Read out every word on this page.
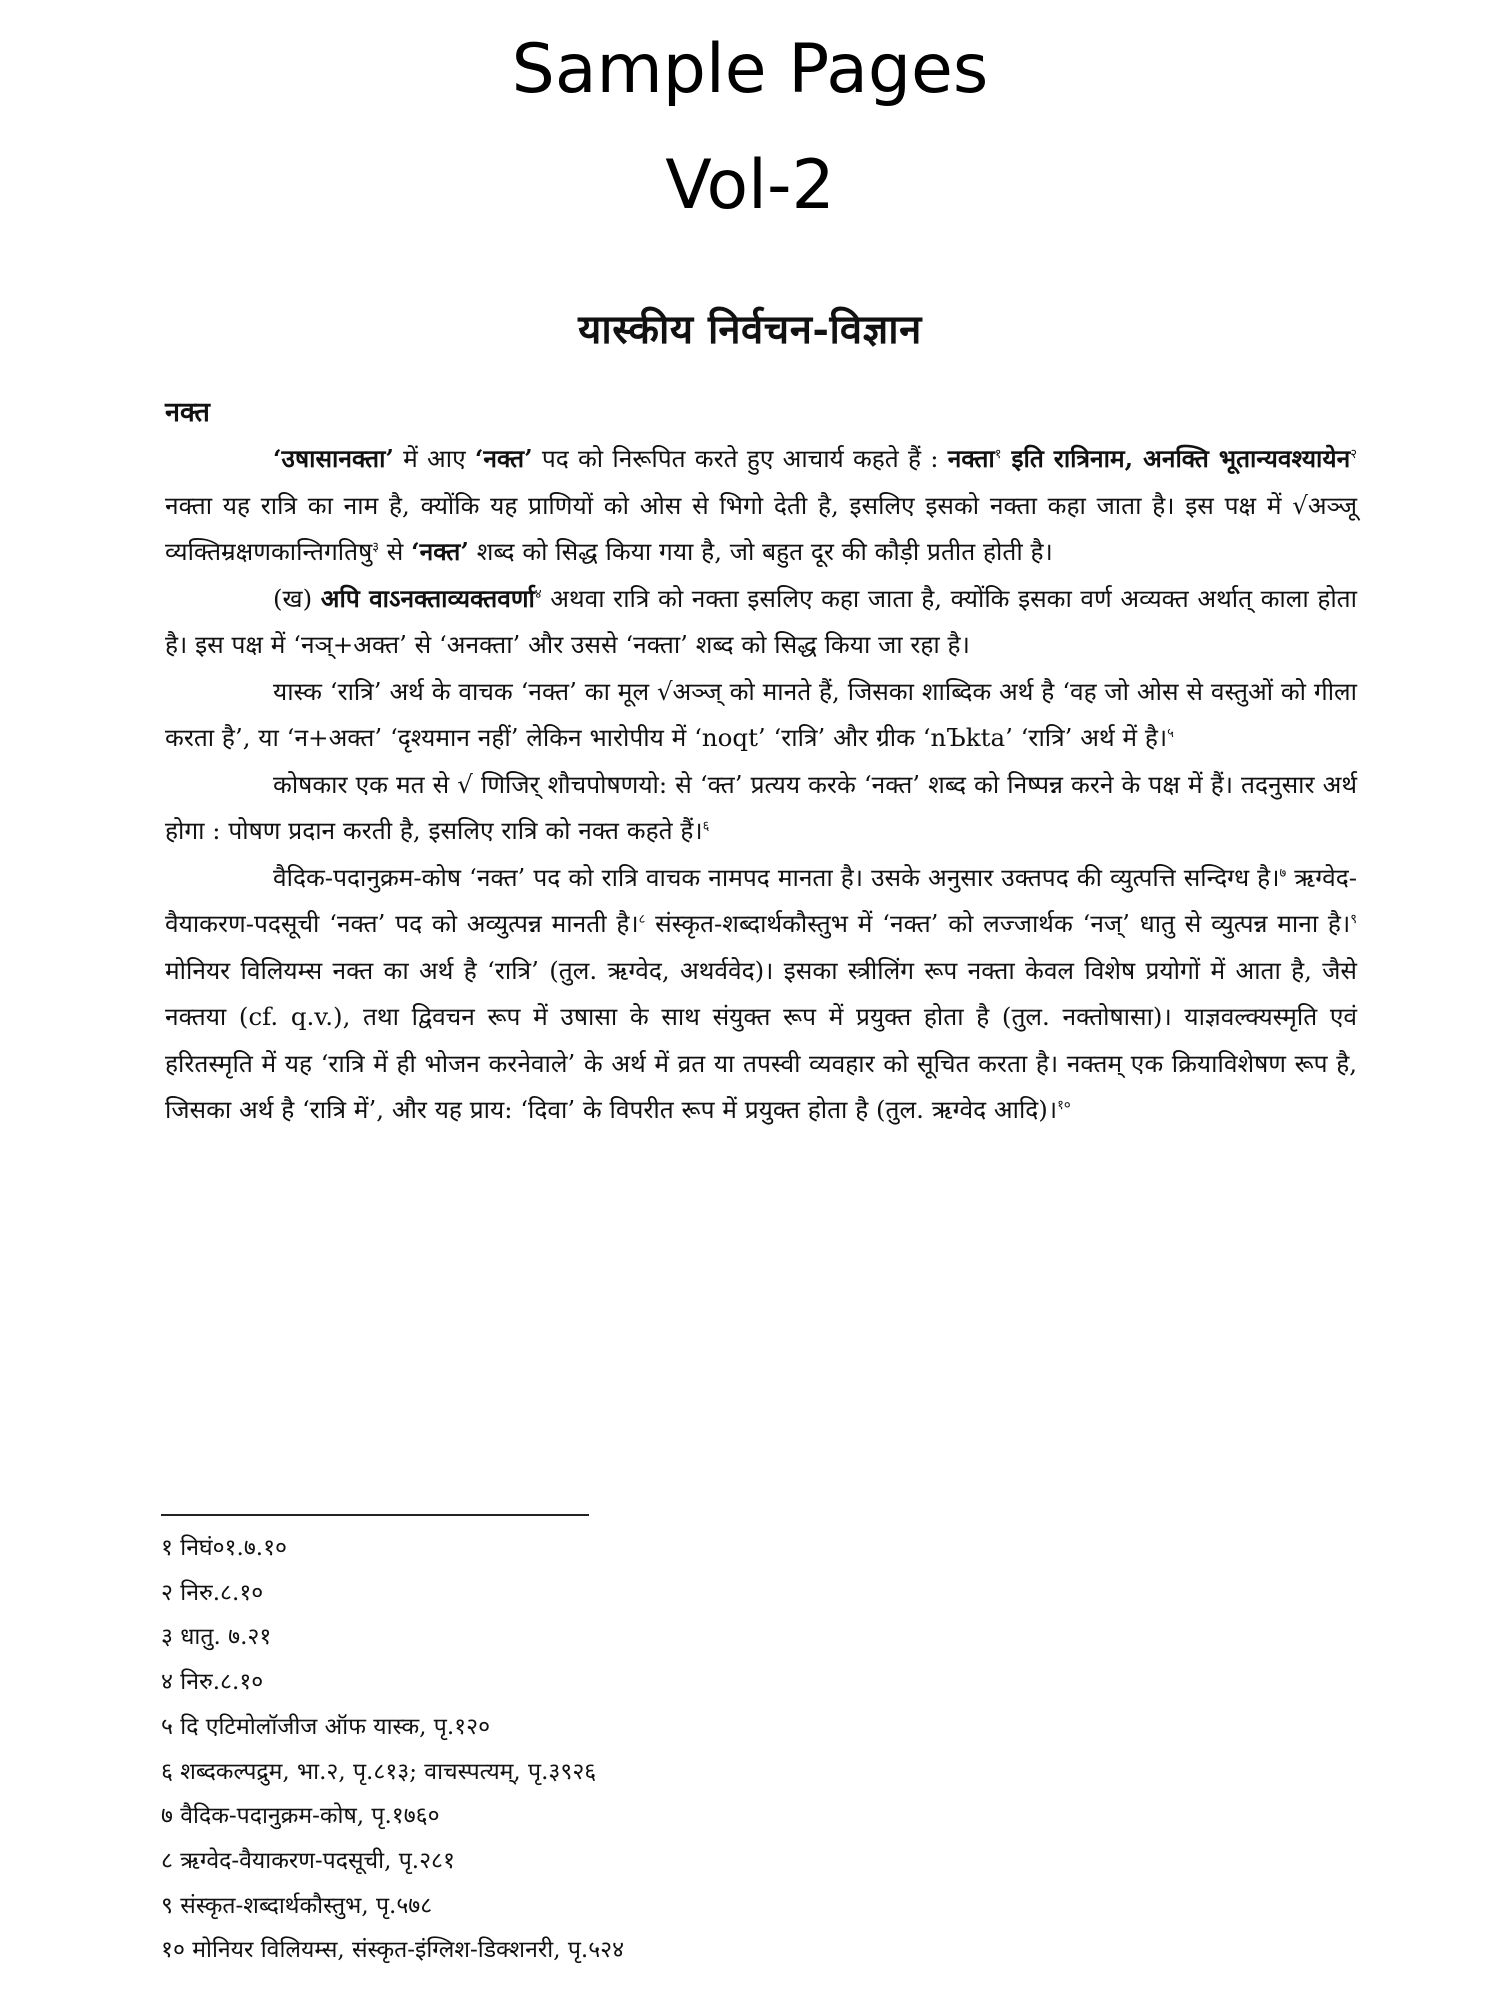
Sample Pages
Vol-2
यास्कीय निर्वचन-विज्ञान
नक्त

‘उषासानक्ता’ में आए ‘नक्त’ पद को निरूपित करते हुए आचार्य कहते हैं : नक्ता$^१$ इति रात्रिनाम, अनक्ति भूतान्यवश्यायेन$^२$ नक्ता यह रात्रि का नाम है, क्योंकि यह प्राणियों को ओस से भिगो देती है, इसलिए इसको नक्ता कहा जाता है। इस पक्ष में √अञ्जू व्यक्तिम्रक्षणकान्तिगतिषु$^३$ से ‘नक्त’ शब्द को सिद्ध किया गया है, जो बहुत दूर की कौड़ी प्रतीत होती है।

(ख) अपि वाऽनक्ताव्यक्तवर्णा$^४$ अथवा रात्रि को नक्ता इसलिए कहा जाता है, क्योंकि इसका वर्ण अव्यक्त अर्थात् काला होता है। इस पक्ष में ‘नञ्+अक्त’ से ‘अनक्ता’ और उससे ‘नक्ता’ शब्द को सिद्ध किया जा रहा है।

यास्क ‘रात्रि’ अर्थ के वाचक ‘नक्त’ का मूल √अञ्ज् को मानते हैं, जिसका शाब्दिक अर्थ है ‘वह जो ओस से वस्तुओं को गीला करता है’, या ‘न+अक्त’ ‘दृश्यमान नहीं’ लेकिन भारोपीय में ‘noqt’ ‘रात्रि’ और ग्रीक ‘nЪkta’ ‘रात्रि’ अर्थ में है।$^५$

कोषकार एक मत से √ णिजिर् शौचपोषणयो: से ‘क्त’ प्रत्यय करके ‘नक्त’ शब्द को निष्पन्न करने के पक्ष में हैं। तदनुसार अर्थ होगा : पोषण प्रदान करती है, इसलिए रात्रि को नक्त कहते हैं।$^६$

वैदिक-पदानुक्रम-कोष ‘नक्त’ पद को रात्रि वाचक नामपद मानता है। उसके अनुसार उक्तपद की व्युत्पत्ति सन्दिग्ध है।$^७$ ऋग्वेद-वैयाकरण-पदसूची ‘नक्त’ पद को अव्युत्पन्न मानती है।$^८$ संस्कृत-शब्दार्थकौस्तुभ में ‘नक्त’ को लज्जार्थक ‘नज्’ धातु से व्युत्पन्न माना है।$^९$ मोनियर विलियम्स नक्त का अर्थ है ‘रात्रि’ (तुल. ऋग्वेद, अथर्ववेद)। इसका स्त्रीलिंग रूप नक्ता केवल विशेष प्रयोगों में आता है, जैसे नक्तया (cf. q.v.), तथा द्विवचन रूप में उषासा के साथ संयुक्त रूप में प्रयुक्त होता है (तुल. नक्तोषासा)। याज्ञवल्क्यस्मृति एवं हरितस्मृति में यह ‘रात्रि में ही भोजन करनेवाले’ के अर्थ में व्रत या तपस्वी व्यवहार को सूचित करता है। नक्तम् एक क्रियाविशेषण रूप है, जिसका अर्थ है ‘रात्रि में’, और यह प्राय: ‘दिवा’ के विपरीत रूप में प्रयुक्त होता है (तुल. ऋग्वेद आदि)।$^{१०}$

१ निघं०१.७.१०
२ निरु.८.१०
३ धातु. ७.२१
४ निरु.८.१०
५ दि एटिमोलॉजीज ऑफ यास्क, पृ.१२०
६ शब्दकल्पद्रुम, भा.२, पृ.८१३; वाचस्पत्यम्, पृ.३९२६
७ वैदिक-पदानुक्रम-कोष, पृ.१७६०
८ ऋग्वेद-वैयाकरण-पदसूची, पृ.२८१
९ संस्कृत-शब्दार्थकौस्तुभ, पृ.५७८
१० मोनियर विलियम्स, संस्कृत-इंग्लिश-डिक्शनरी, पृ.५२४
